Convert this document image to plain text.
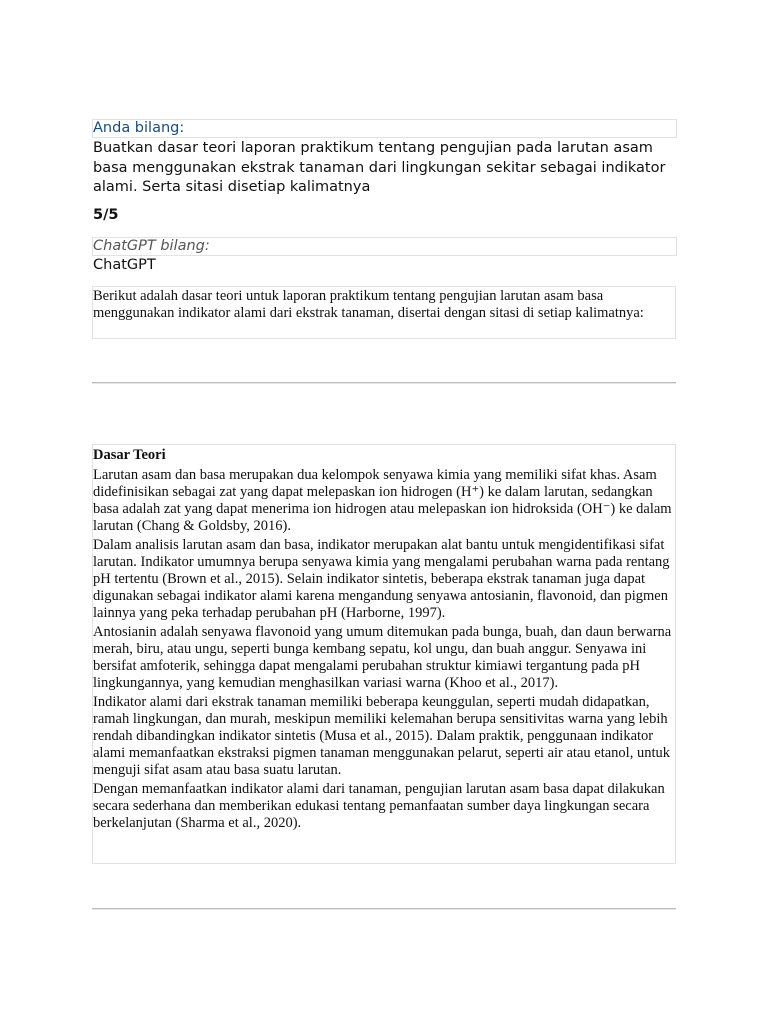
Anda bilang:
Buatkan dasar teori laporan praktikum tentang pengujian pada larutan asam basa menggunakan ekstrak tanaman dari lingkungan sekitar sebagai indikator alami. Serta sitasi disetiap kalimatnya
5/5
ChatGPT bilang:
ChatGPT
Berikut adalah dasar teori untuk laporan praktikum tentang pengujian larutan asam basa menggunakan indikator alami dari ekstrak tanaman, disertai dengan sitasi di setiap kalimatnya:
Dasar Teori

Larutan asam dan basa merupakan dua kelompok senyawa kimia yang memiliki sifat khas. Asam didefinisikan sebagai zat yang dapat melepaskan ion hidrogen (H⁺) ke dalam larutan, sedangkan basa adalah zat yang dapat menerima ion hidrogen atau melepaskan ion hidroksida (OH⁻) ke dalam larutan (Chang & Goldsby, 2016).

Dalam analisis larutan asam dan basa, indikator merupakan alat bantu untuk mengidentifikasi sifat larutan. Indikator umumnya berupa senyawa kimia yang mengalami perubahan warna pada rentang pH tertentu (Brown et al., 2015). Selain indikator sintetis, beberapa ekstrak tanaman juga dapat digunakan sebagai indikator alami karena mengandung senyawa antosianin, flavonoid, dan pigmen lainnya yang peka terhadap perubahan pH (Harborne, 1997).

Antosianin adalah senyawa flavonoid yang umum ditemukan pada bunga, buah, dan daun berwarna merah, biru, atau ungu, seperti bunga kembang sepatu, kol ungu, dan buah anggur. Senyawa ini bersifat amfoterik, sehingga dapat mengalami perubahan struktur kimiawi tergantung pada pH lingkungannya, yang kemudian menghasilkan variasi warna (Khoo et al., 2017).

Indikator alami dari ekstrak tanaman memiliki beberapa keunggulan, seperti mudah didapatkan, ramah lingkungan, dan murah, meskipun memiliki kelemahan berupa sensitivitas warna yang lebih rendah dibandingkan indikator sintetis (Musa et al., 2015). Dalam praktik, penggunaan indikator alami memanfaatkan ekstraksi pigmen tanaman menggunakan pelarut, seperti air atau etanol, untuk menguji sifat asam atau basa suatu larutan.

Dengan memanfaatkan indikator alami dari tanaman, pengujian larutan asam basa dapat dilakukan secara sederhana dan memberikan edukasi tentang pemanfaatan sumber daya lingkungan secara berkelanjutan (Sharma et al., 2020).
